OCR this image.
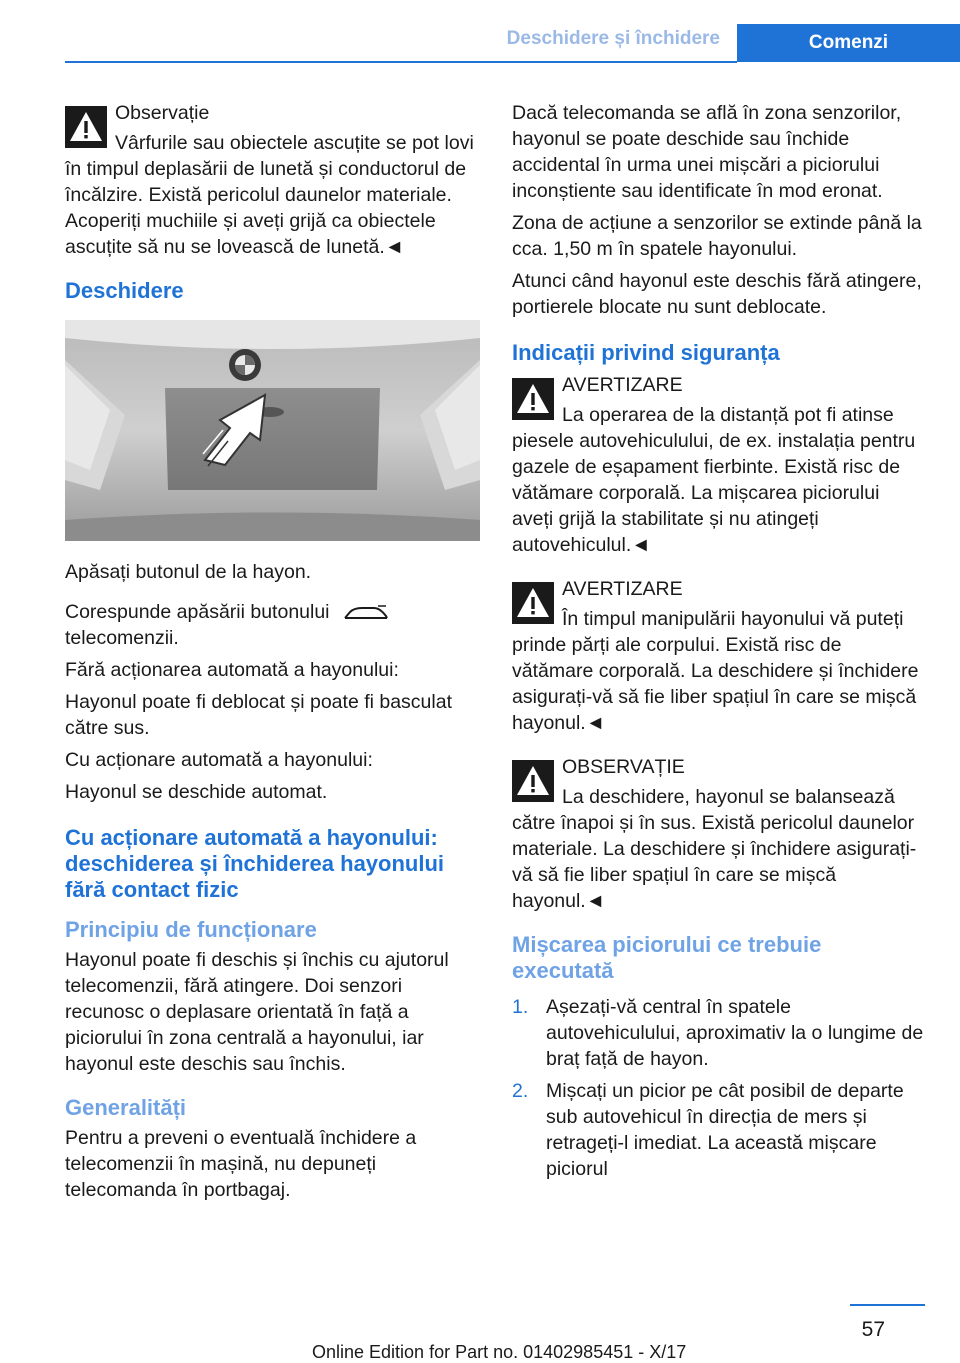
Deschidere și închidere	Comenzi

Observație

Vârfurile sau obiectele ascuțite se pot lovi în timpul deplasării de lunetă și conductorul de încălzire. Există pericolul daunelor materiale. Acoperiți muchiile și aveți grijă ca obiectele ascuțite să nu se lovească de lunetă.◄

Deschidere

Apăsați butonul de la hayon.

Corespunde apăsării butonuluitelecomenzii.

Fără acționarea automată a hayonului:

Hayonul poate fi deblocat și poate fi basculat către sus.

Cu acționare automată a hayonului:

Hayonul se deschide automat.

Cu acționare automată a hayonului: deschiderea și închiderea hayonului fără contact fizic
Principiu de funcționare

Hayonul poate fi deschis și închis cu ajutorul telecomenzii, fără atingere. Doi senzori recunosc o deplasare orientată în față a piciorului în zona centrală a hayonului, iar hayonul este deschis sau închis.

Generalități

Pentru a preveni o eventuală închidere a telecomenzii în mașină, nu depuneți telecomanda în portbagaj.

Dacă telecomanda se află în zona senzorilor, hayonul se poate deschide sau închide accidental în urma unei mișcări a piciorului inconștiente sau identificate în mod eronat.

Zona de acțiune a senzorilor se extinde până la cca. 1,50 m în spatele hayonului.

Atunci când hayonul este deschis fără atingere, portierele blocate nu sunt deblocate.

Indicații privind siguranța

AVERTIZARE

La operarea de la distanță pot fi atinse piesele autovehiculului, de ex. instalația pentru gazele de eșapament fierbinte. Există risc de vătămare corporală. La mișcarea piciorului aveți grijă la stabilitate și nu atingeți autovehiculul.◄

AVERTIZARE

În timpul manipulării hayonului vă puteți prinde părți ale corpului. Există risc de vătămare corporală. La deschidere și închidere asigurați-vă să fie liber spațiul în care se mișcă hayonul.◄

OBSERVAȚIE

La deschidere, hayonul se balansează către înapoi și în sus. Există pericolul daunelor materiale. La deschidere și închidere asigurați-vă să fie liber spațiul în care se mișcă hayonul.◄

Mișcarea piciorului ce trebuie executată
1. Așezați-vă central în spatele autovehiculului, aproximativ la o lungime de braț față de hayon.
2. Mișcați un picior pe cât posibil de departe sub autovehicul în direcția de mers și retrageți-l imediat. La această mișcare piciorul
57
Online Edition for Part no. 01402985451 - X/17
